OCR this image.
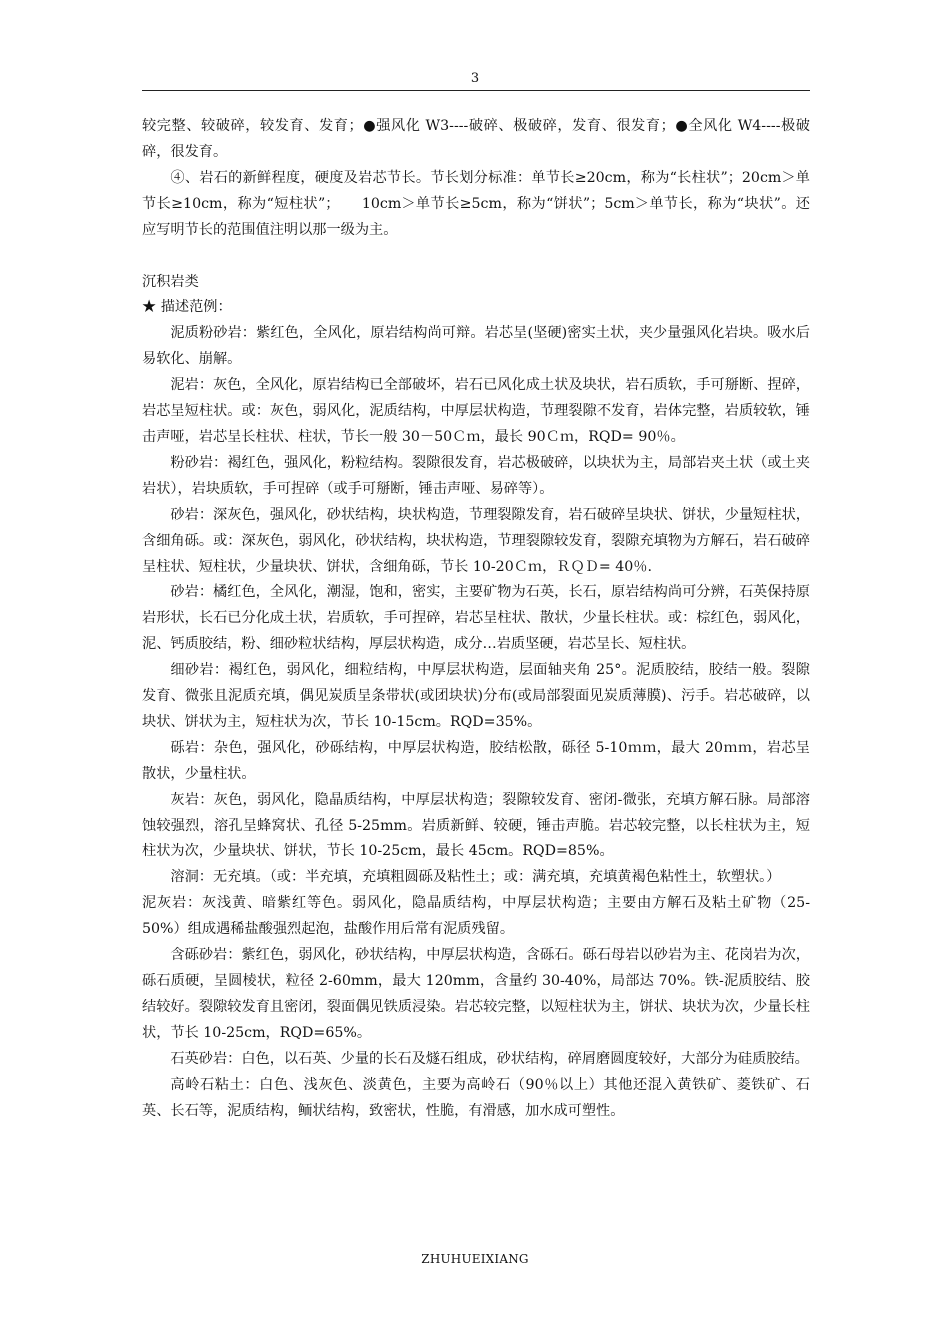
3

较完整、较破碎，较发育、发育；●强风化 W3----破碎、极破碎，发育、很发育；●全风化 W4----极破碎，很发育。

④、岩石的新鲜程度，硬度及岩芯节长。节长划分标准：单节长≥20cm，称为“长柱状”；20cm＞单节长≥10cm，称为“短柱状”；　　10cm＞单节长≥5cm，称为“饼状”；5cm＞单节长，称为“块状”。还应写明节长的范围值注明以那一级为主。

沉积岩类

★ 描述范例：

泥质粉砂岩：紫红色，全风化，原岩结构尚可辩。岩芯呈(坚硬)密实土状，夹少量强风化岩块。吸水后易软化、崩解。

泥岩：灰色，全风化，原岩结构已全部破坏，岩石已风化成土状及块状，岩石质软，手可掰断、捏碎，岩芯呈短柱状。或：灰色，弱风化，泥质结构，中厚层状构造，节理裂隙不发育，岩体完整，岩质较软，锤击声哑，岩芯呈长柱状、柱状，节长一般 30－50Ｃｍ，最长 90Ｃｍ，RQD= 90％。

粉砂岩：褐红色，强风化，粉粒结构。裂隙很发育，岩芯极破碎，以块状为主，局部岩夹土状（或土夹岩状），岩块质软，手可捏碎（或手可掰断，锤击声哑、易碎等）。

砂岩：深灰色，强风化，砂状结构，块状构造，节理裂隙发育，岩石破碎呈块状、饼状，少量短柱状，含细角砾。或：深灰色，弱风化，砂状结构，块状构造，节理裂隙较发育，裂隙充填物为方解石，岩石破碎呈柱状、短柱状，少量块状、饼状，含细角砾，节长 10-20Ｃｍ，ＲＱＤ= 40％.

砂岩：橘红色，全风化，潮湿，饱和，密实，主要矿物为石英，长石，原岩结构尚可分辨，石英保持原岩形状，长石已分化成土状，岩质软，手可捏碎，岩芯呈柱状、散状，少量长柱状。或：棕红色，弱风化，泥、钙质胶结，粉、细砂粒状结构，厚层状构造，成分…岩质坚硬，岩芯呈长、短柱状。

细砂岩：褐红色，弱风化，细粒结构，中厚层状构造，层面轴夹角 25°。泥质胶结，胶结一般。裂隙发育、微张且泥质充填，偶见炭质呈条带状(或团块状)分布(或局部裂面见炭质薄膜)、污手。岩芯破碎，以块状、饼状为主，短柱状为次，节长 10-15cm。RQD=35%。

砾岩：杂色，强风化，砂砾结构，中厚层状构造，胶结松散，砾径 5-10ｍｍ，最大 20ｍｍ，岩芯呈散状，少量柱状。

灰岩：灰色，弱风化，隐晶质结构，中厚层状构造；裂隙较发育、密闭-微张，充填方解石脉。局部溶蚀较强烈，溶孔呈蜂窝状、孔径 5-25mm。岩质新鲜、较硬，锤击声脆。岩芯较完整，以长柱状为主，短柱状为次，少量块状、饼状，节长 10-25cm，最长 45cm。RQD=85%。

溶洞：无充填。（或：半充填，充填粗圆砾及粘性土；或：满充填，充填黄褐色粘性土，软塑状。）

泥灰岩：灰浅黄、暗紫红等色。弱风化，隐晶质结构，中厚层状构造；主要由方解石及粘土矿物（25-50%）组成遇稀盐酸强烈起泡，盐酸作用后常有泥质残留。

含砾砂岩：紫红色，弱风化，砂状结构，中厚层状构造，含砾石。砾石母岩以砂岩为主、花岗岩为次，砾石质硬，呈圆棱状，粒径 2-60mm，最大 120mm，含量约 30-40%，局部达 70%。铁-泥质胶结、胶结较好。裂隙较发育且密闭，裂面偶见铁质浸染。岩芯较完整，以短柱状为主，饼状、块状为次，少量长柱状，节长 10-25cm，RQD=65%。

石英砂岩：白色，以石英、少量的长石及燧石组成，砂状结构，碎屑磨圆度较好，大部分为硅质胶结。

高岭石粘土：白色、浅灰色、淡黄色，主要为高岭石（90％以上）其他还混入黄铁矿、菱铁矿、石英、长石等，泥质结构，鲕状结构，致密状，性脆，有滑感，加水成可塑性。

ZHUHUEIXIANG
